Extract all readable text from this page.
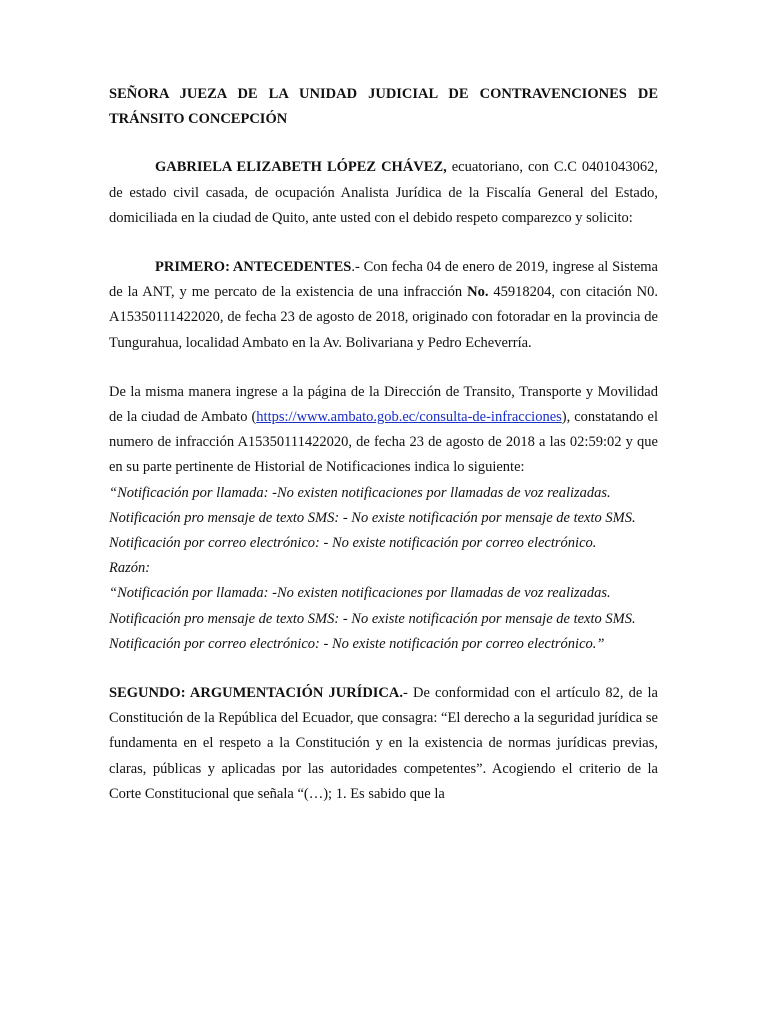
SEÑORA JUEZA DE LA UNIDAD JUDICIAL DE CONTRAVENCIONES DE TRÁNSITO CONCEPCIÓN

GABRIELA ELIZABETH LÓPEZ CHÁVEZ, ecuatoriano, con C.C 0401043062, de estado civil casada, de ocupación Analista Jurídica de la Fiscalía General del Estado, domiciliada en la ciudad de Quito, ante usted con el debido respeto comparezco y solicito:

PRIMERO: ANTECEDENTES.- Con fecha 04 de enero de 2019, ingrese al Sistema de la ANT, y me percato de la existencia de una infracción No. 45918204, con citación N0. A15350111422020, de fecha 23 de agosto de 2018, originado con fotoradar en la provincia de Tungurahua, localidad Ambato en la Av. Bolivariana y Pedro Echeverría.

De la misma manera ingrese a la página de la Dirección de Transito, Transporte y Movilidad de la ciudad de Ambato (https://www.ambato.gob.ec/consulta-de-infracciones), constatando el numero de infracción A15350111422020, de fecha 23 de agosto de 2018 a las 02:59:02 y que en su parte pertinente de Historial de Notificaciones indica lo siguiente:

“Notificación por llamada: -No existen notificaciones por llamadas de voz realizadas.

Notificación pro mensaje de texto SMS: - No existe notificación por mensaje de texto SMS.

Notificación por correo electrónico: - No existe notificación por correo electrónico.

Razón:

“Notificación por llamada: -No existen notificaciones por llamadas de voz realizadas.

Notificación pro mensaje de texto SMS: - No existe notificación por mensaje de texto SMS.

Notificación por correo electrónico: - No existe notificación por correo electrónico.”

SEGUNDO: ARGUMENTACIÓN JURÍDICA.- De conformidad con el artículo 82, de la Constitución de la República del Ecuador, que consagra: “El derecho a la seguridad jurídica se fundamenta en el respeto a la Constitución y en la existencia de normas jurídicas previas, claras, públicas y aplicadas por las autoridades competentes”. Acogiendo el criterio de la Corte Constitucional que señala “(…); 1. Es sabido que la
